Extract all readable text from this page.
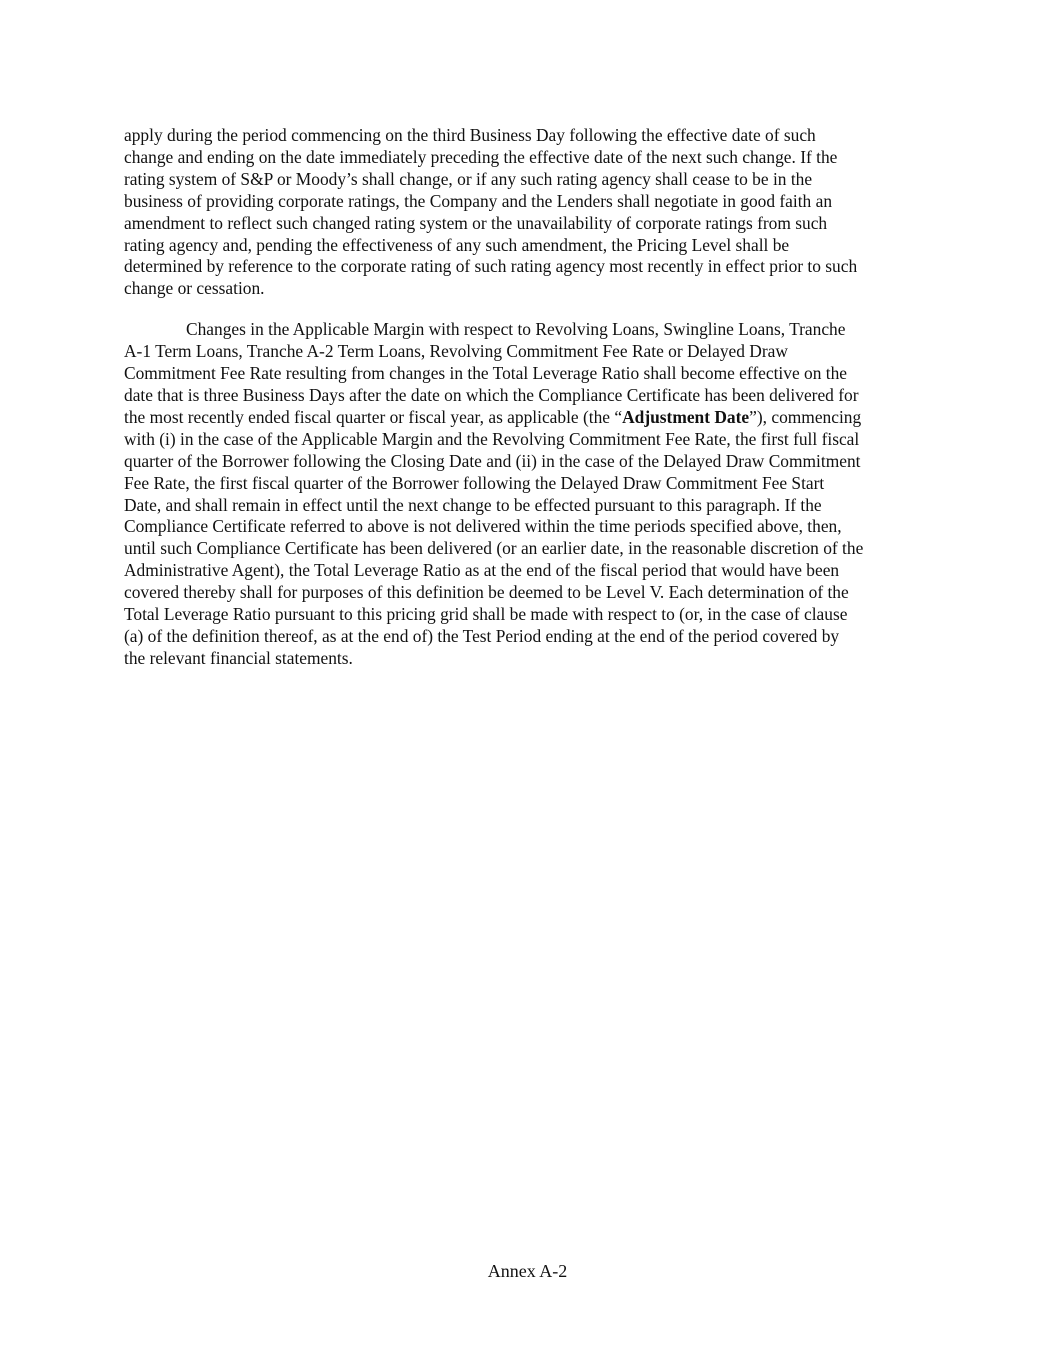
apply during the period commencing on the third Business Day following the effective date of such
change and ending on the date immediately preceding the effective date of the next such change. If the
rating system of S&P or Moody’s shall change, or if any such rating agency shall cease to be in the
business of providing corporate ratings, the Company and the Lenders shall negotiate in good faith an
amendment to reflect such changed rating system or the unavailability of corporate ratings from such
rating agency and, pending the effectiveness of any such amendment, the Pricing Level shall be
determined by reference to the corporate rating of such rating agency most recently in effect prior to such
change or cessation.

Changes in the Applicable Margin with respect to Revolving Loans, Swingline Loans, Tranche
A-1 Term Loans, Tranche A-2 Term Loans, Revolving Commitment Fee Rate or Delayed Draw
Commitment Fee Rate resulting from changes in the Total Leverage Ratio shall become effective on the
date that is three Business Days after the date on which the Compliance Certificate has been delivered for
the most recently ended fiscal quarter or fiscal year, as applicable (the “Adjustment Date”), commencing
with (i) in the case of the Applicable Margin and the Revolving Commitment Fee Rate, the first full fiscal
quarter of the Borrower following the Closing Date and (ii) in the case of the Delayed Draw Commitment
Fee Rate, the first fiscal quarter of the Borrower following the Delayed Draw Commitment Fee Start
Date, and shall remain in effect until the next change to be effected pursuant to this paragraph. If the
Compliance Certificate referred to above is not delivered within the time periods specified above, then,
until such Compliance Certificate has been delivered (or an earlier date, in the reasonable discretion of the
Administrative Agent), the Total Leverage Ratio as at the end of the fiscal period that would have been
covered thereby shall for purposes of this definition be deemed to be Level V. Each determination of the
Total Leverage Ratio pursuant to this pricing grid shall be made with respect to (or, in the case of clause
(a) of the definition thereof, as at the end of) the Test Period ending at the end of the period covered by
the relevant financial statements.

Annex A-2
